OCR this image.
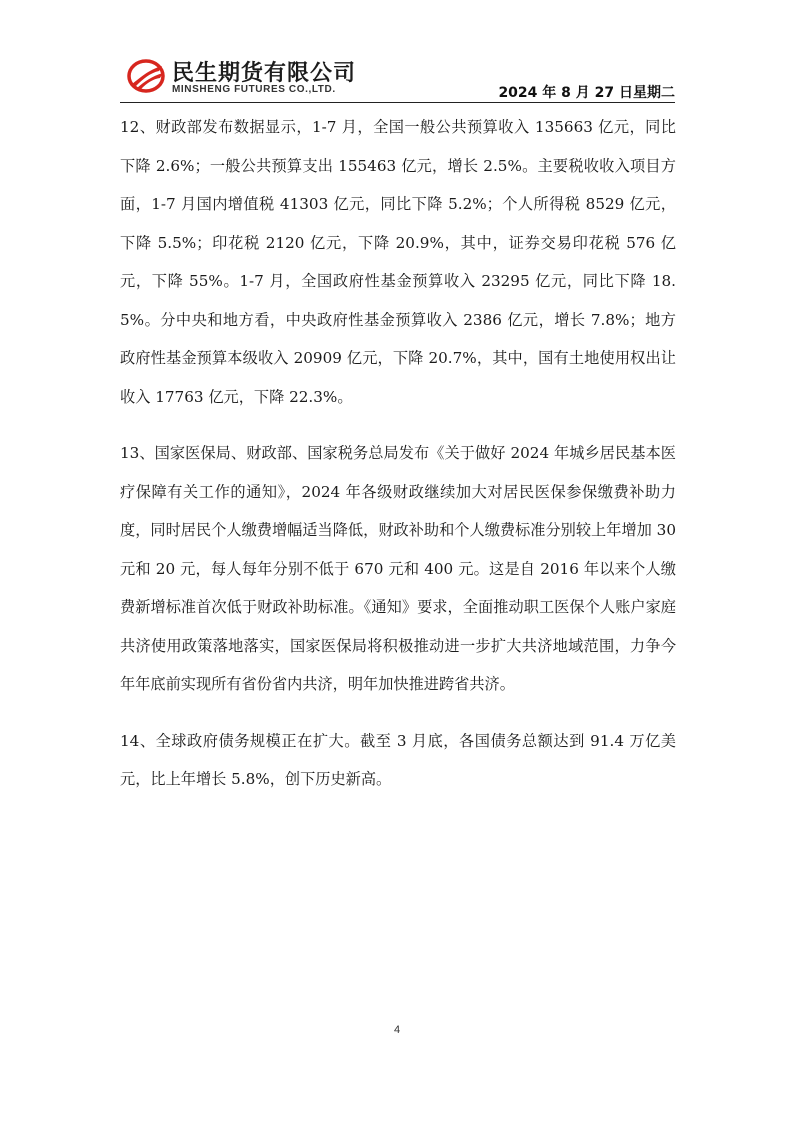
民生期货有限公司
MINSHENG FUTURES CO.,LTD.	2024 年 8 月 27 日星期二

12、财政部发布数据显示，1-7 月，全国一般公共预算收入 135663 亿元，同比下降 2.6%；一般公共预算支出 155463 亿元，增长 2.5%。主要税收收入项目方面，1-7 月国内增值税 41303 亿元，同比下降 5.2%；个人所得税 8529 亿元，下降 5.5%；印花税 2120 亿元，下降 20.9%，其中，证券交易印花税 576 亿元，下降 55%。1-7 月，全国政府性基金预算收入 23295 亿元，同比下降 18.5%。分中央和地方看，中央政府性基金预算收入 2386 亿元，增长 7.8%；地方政府性基金预算本级收入 20909 亿元，下降 20.7%，其中，国有土地使用权出让收入 17763 亿元，下降 22.3%。

13、国家医保局、财政部、国家税务总局发布《关于做好 2024 年城乡居民基本医疗保障有关工作的通知》，2024 年各级财政继续加大对居民医保参保缴费补助力度，同时居民个人缴费增幅适当降低，财政补助和个人缴费标准分别较上年增加 30 元和 20 元，每人每年分别不低于 670 元和 400 元。这是自 2016 年以来个人缴费新增标准首次低于财政补助标准。《通知》要求，全面推动职工医保个人账户家庭共济使用政策落地落实，国家医保局将积极推动进一步扩大共济地域范围，力争今年年底前实现所有省份省内共济，明年加快推进跨省共济。

14、全球政府债务规模正在扩大。截至 3 月底，各国债务总额达到 91.4 万亿美元，比上年增长 5.8%，创下历史新高。

4
